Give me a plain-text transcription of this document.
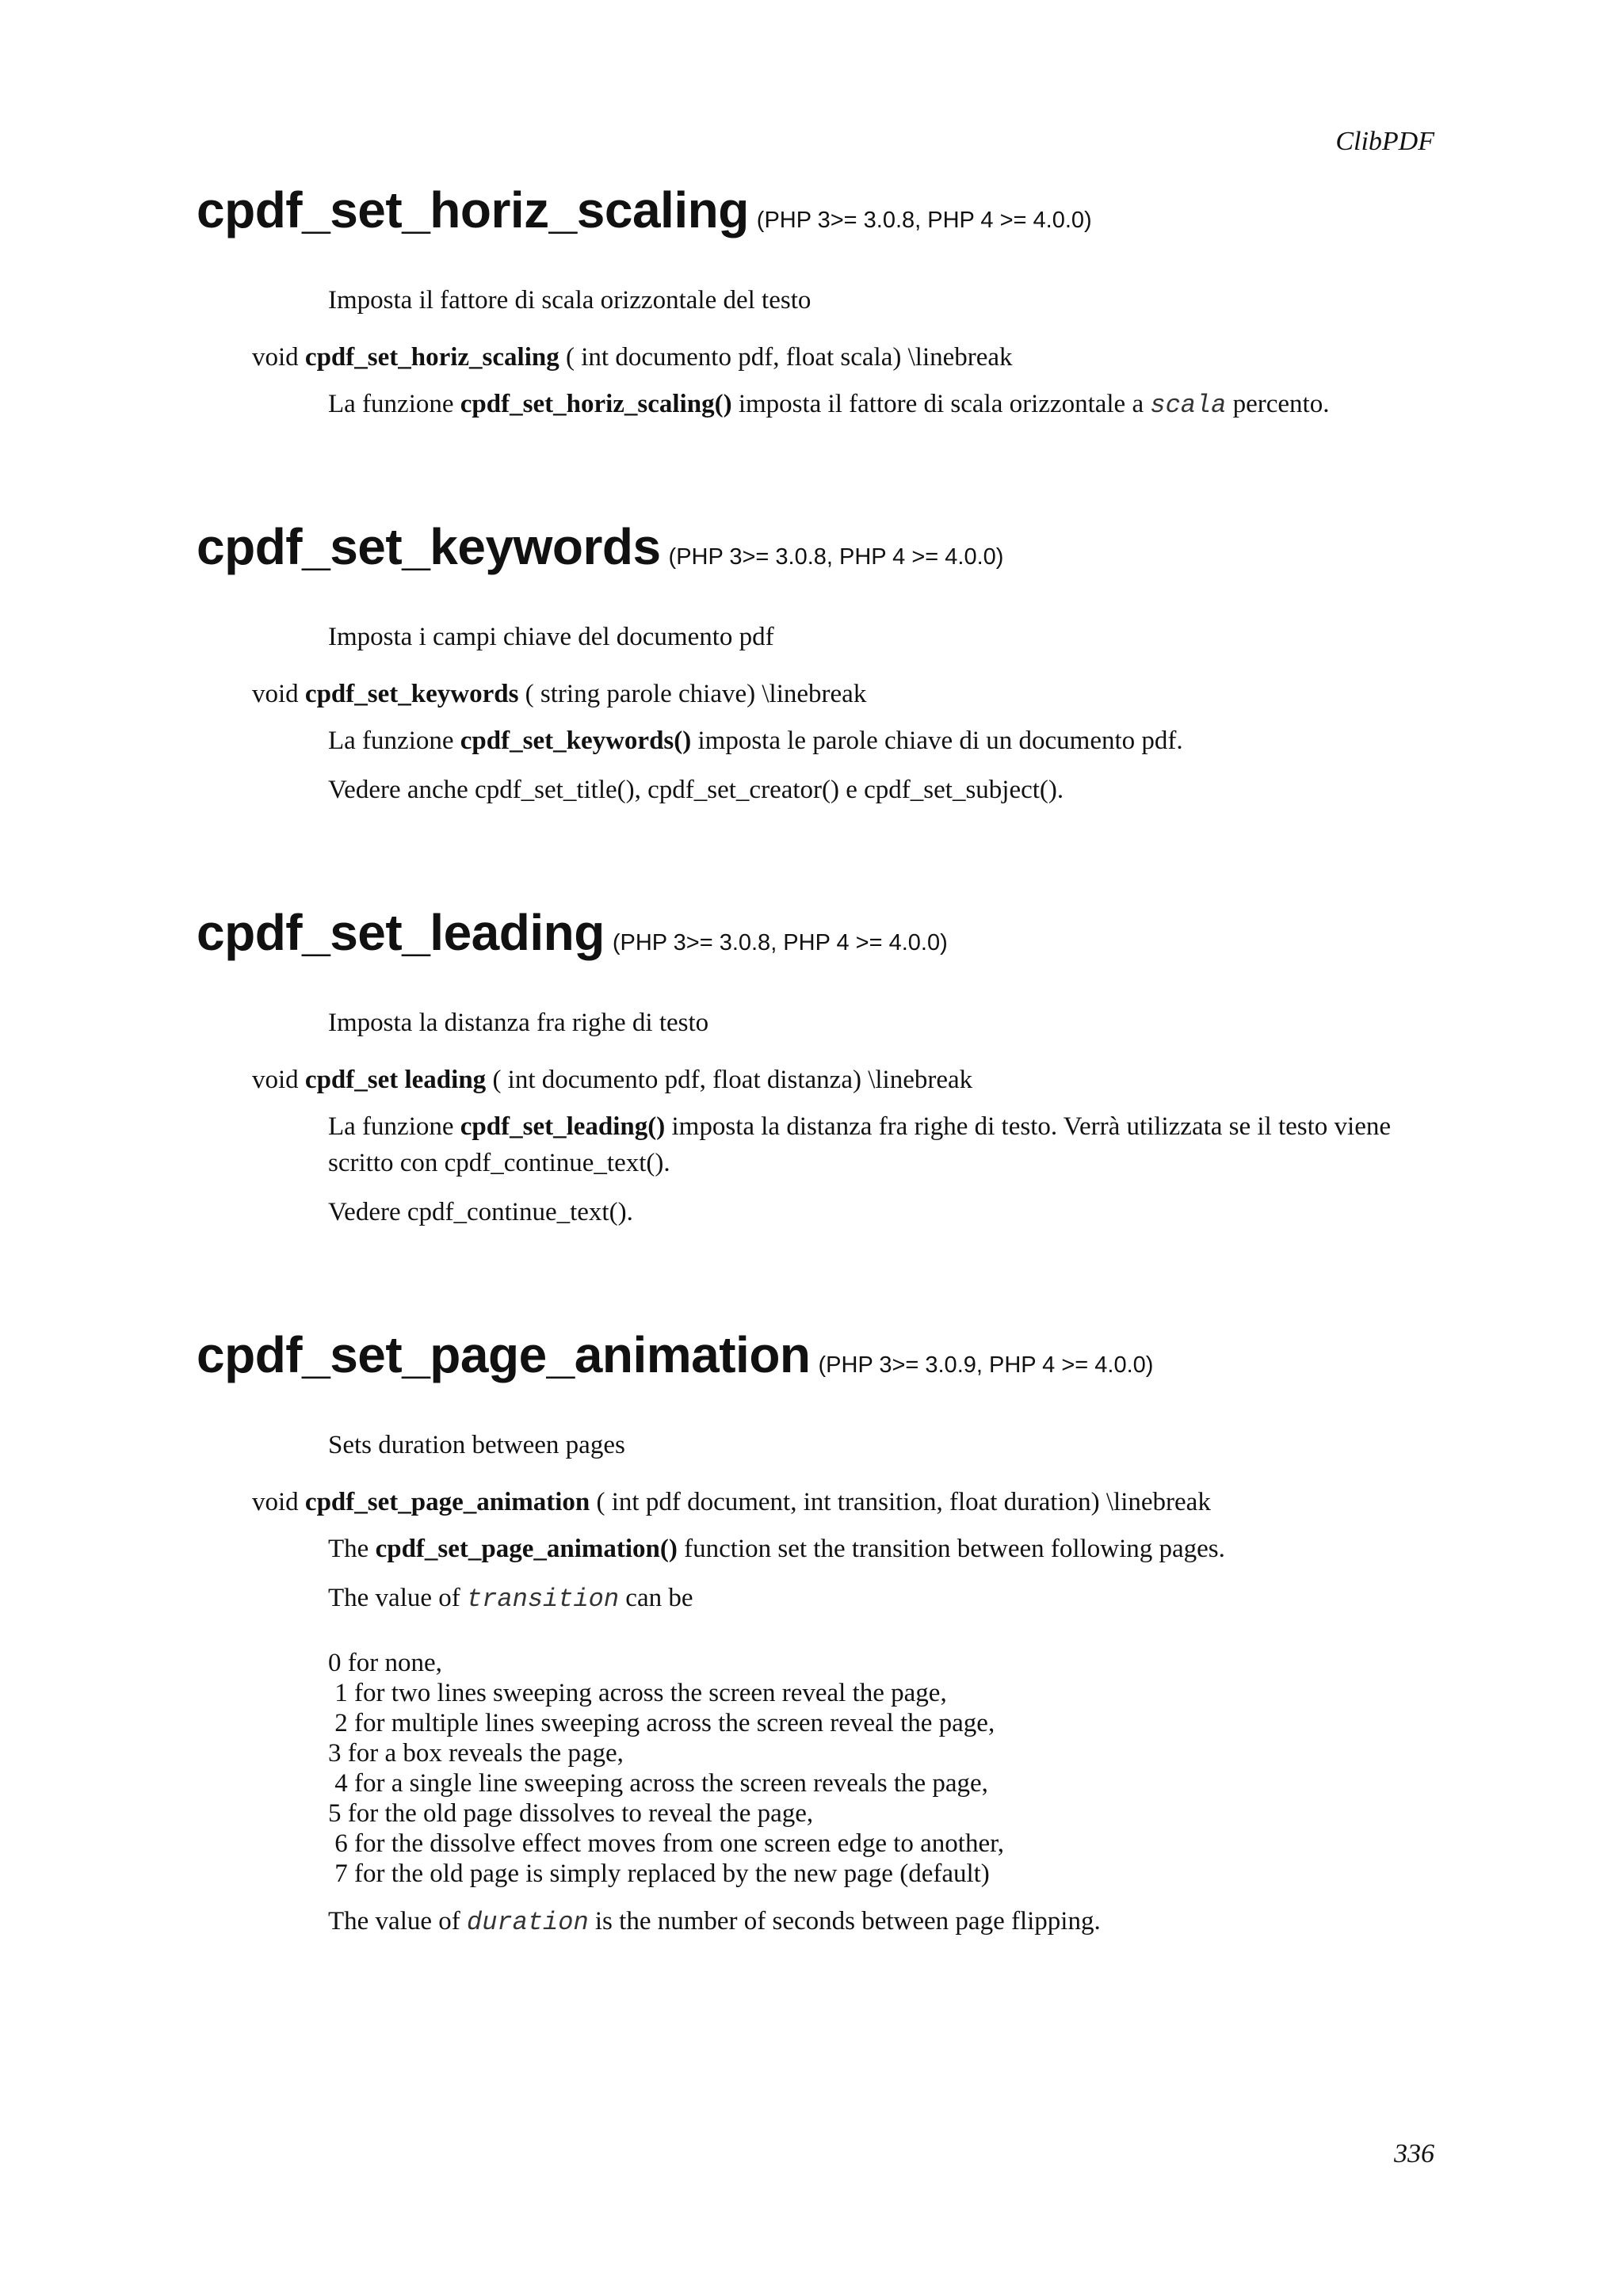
ClibPDF
cpdf_set_horiz_scaling (PHP 3>= 3.0.8, PHP 4 >= 4.0.0)
Imposta il fattore di scala orizzontale del testo
void cpdf_set_horiz_scaling ( int documento pdf, float scala) \linebreak

La funzione cpdf_set_horiz_scaling() imposta il fattore di scala orizzontale a scala percento.

cpdf_set_keywords (PHP 3>= 3.0.8, PHP 4 >= 4.0.0)
Imposta i campi chiave del documento pdf
void cpdf_set_keywords ( string parole chiave) \linebreak

La funzione cpdf_set_keywords() imposta le parole chiave di un documento pdf.

Vedere anche cpdf_set_title(), cpdf_set_creator() e cpdf_set_subject().

cpdf_set_leading (PHP 3>= 3.0.8, PHP 4 >= 4.0.0)
Imposta la distanza fra righe di testo
void cpdf_set leading ( int documento pdf, float distanza) \linebreak

La funzione cpdf_set_leading() imposta la distanza fra righe di testo. Verrà utilizzata se il testo viene scritto con cpdf_continue_text().

Vedere cpdf_continue_text().

cpdf_set_page_animation (PHP 3>= 3.0.9, PHP 4 >= 4.0.0)
Sets duration between pages
void cpdf_set_page_animation ( int pdf document, int transition, float duration) \linebreak

The cpdf_set_page_animation() function set the transition between following pages.

The value of transition can be

0 for none,
1 for two lines sweeping across the screen reveal the page,
2 for multiple lines sweeping across the screen reveal the page,
3 for a box reveals the page,
4 for a single line sweeping across the screen reveals the page,
5 for the old page dissolves to reveal the page,
6 for the dissolve effect moves from one screen edge to another,
7 for the old page is simply replaced by the new page (default)

The value of duration is the number of seconds between page flipping.

336
